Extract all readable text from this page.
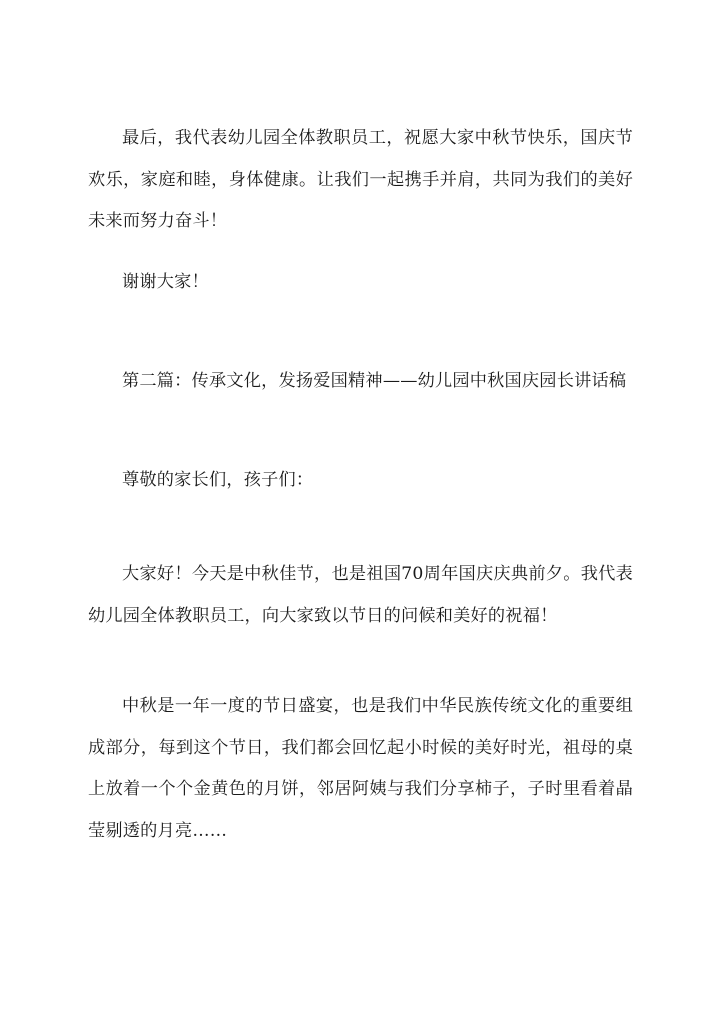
最后，我代表幼儿园全体教职员工，祝愿大家中秋节快乐，国庆节欢乐，家庭和睦，身体健康。让我们一起携手并肩，共同为我们的美好未来而努力奋斗！

谢谢大家！

第二篇：传承文化，发扬爱国精神——幼儿园中秋国庆园长讲话稿

尊敬的家长们，孩子们：

大家好！今天是中秋佳节，也是祖国70周年国庆庆典前夕。我代表幼儿园全体教职员工，向大家致以节日的问候和美好的祝福！

中秋是一年一度的节日盛宴，也是我们中华民族传统文化的重要组成部分，每到这个节日，我们都会回忆起小时候的美好时光，祖母的桌上放着一个个金黄色的月饼，邻居阿姨与我们分享柿子，子时里看着晶莹剔透的月亮……
